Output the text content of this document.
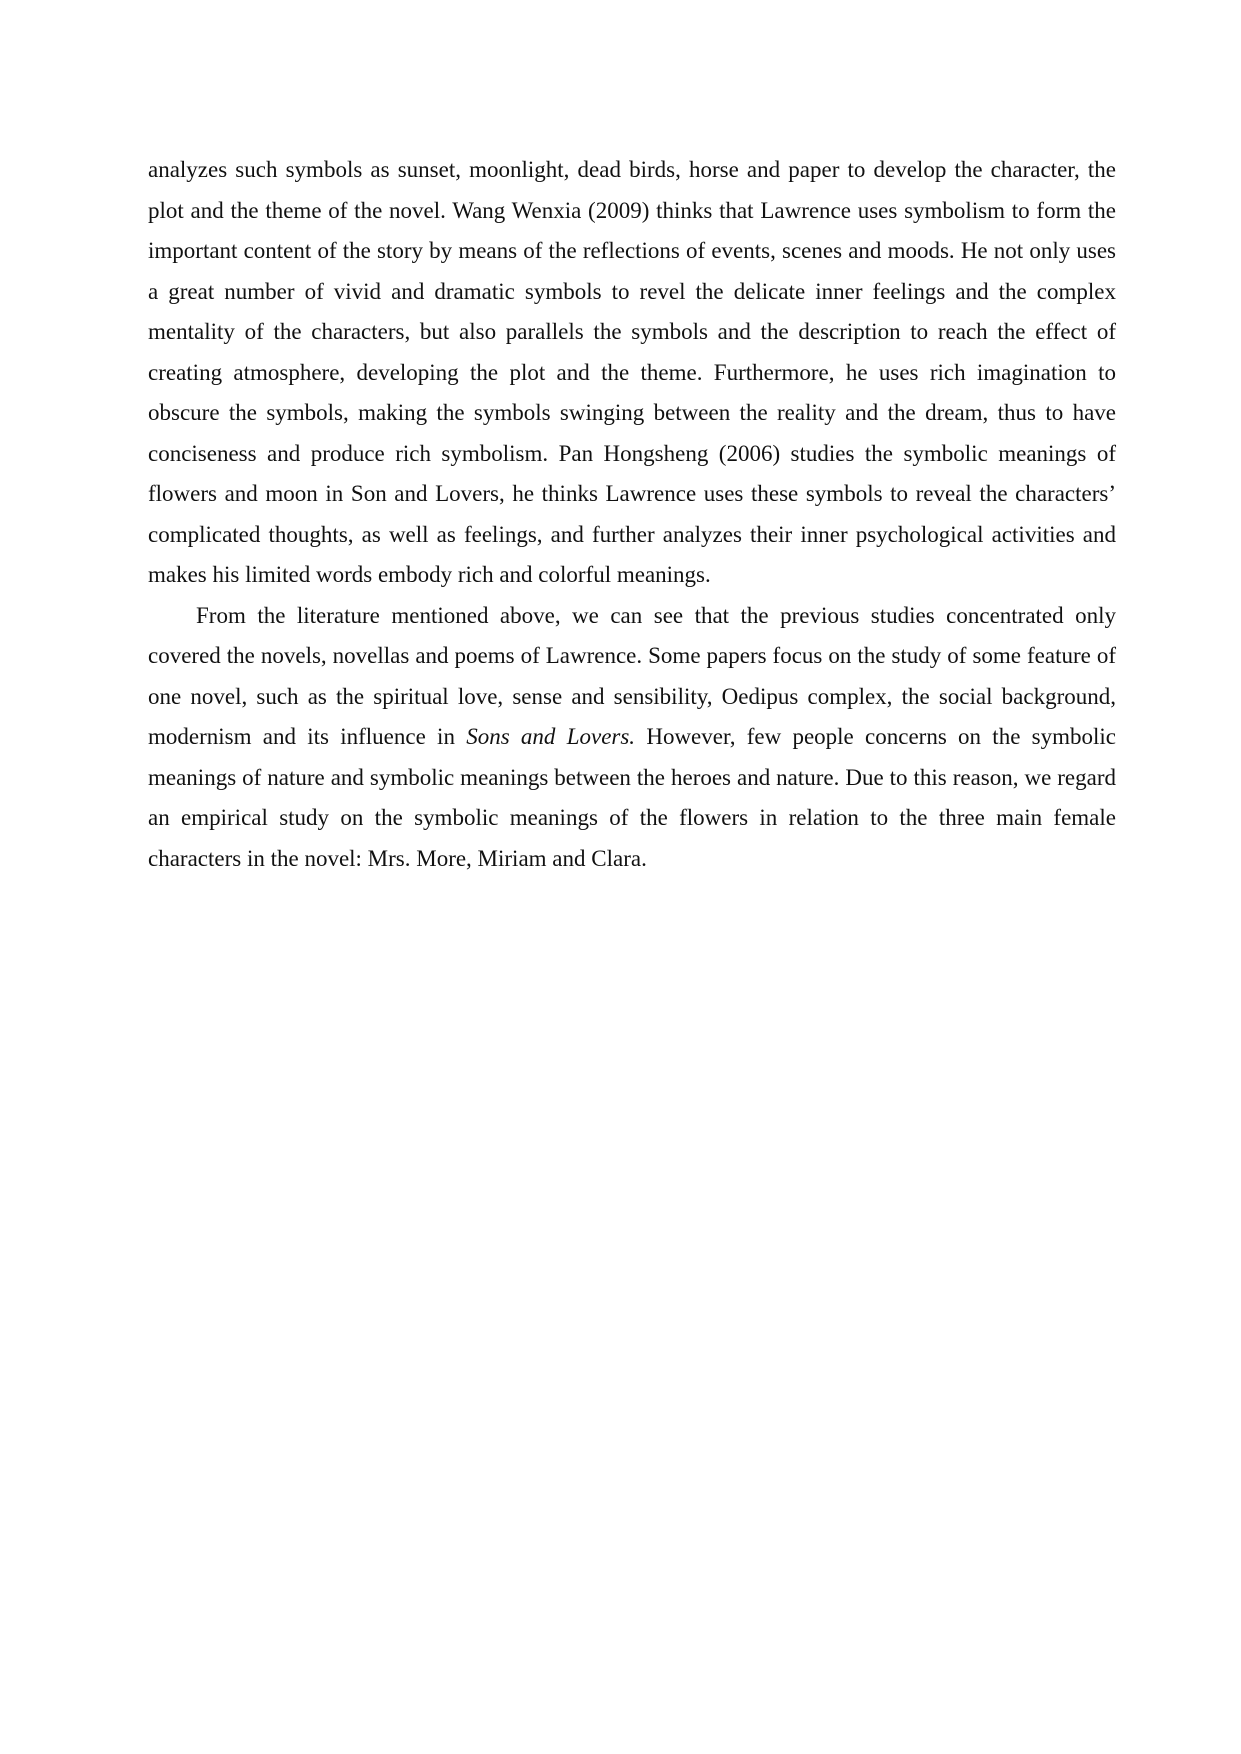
analyzes such symbols as sunset, moonlight, dead birds, horse and paper to develop the character, the plot and the theme of the novel. Wang Wenxia (2009) thinks that Lawrence uses symbolism to form the important content of the story by means of the reflections of events, scenes and moods. He not only uses a great number of vivid and dramatic symbols to revel the delicate inner feelings and the complex mentality of the characters, but also parallels the symbols and the description to reach the effect of creating atmosphere, developing the plot and the theme. Furthermore, he uses rich imagination to obscure the symbols, making the symbols swinging between the reality and the dream, thus to have conciseness and produce rich symbolism. Pan Hongsheng (2006) studies the symbolic meanings of flowers and moon in Son and Lovers, he thinks Lawrence uses these symbols to reveal the characters’ complicated thoughts, as well as feelings, and further analyzes their inner psychological activities and makes his limited words embody rich and colorful meanings.

From the literature mentioned above, we can see that the previous studies concentrated only covered the novels, novellas and poems of Lawrence. Some papers focus on the study of some feature of one novel, such as the spiritual love, sense and sensibility, Oedipus complex, the social background, modernism and its influence in Sons and Lovers. However, few people concerns on the symbolic meanings of nature and symbolic meanings between the heroes and nature. Due to this reason, we regard an empirical study on the symbolic meanings of the flowers in relation to the three main female characters in the novel: Mrs. More, Miriam and Clara.
